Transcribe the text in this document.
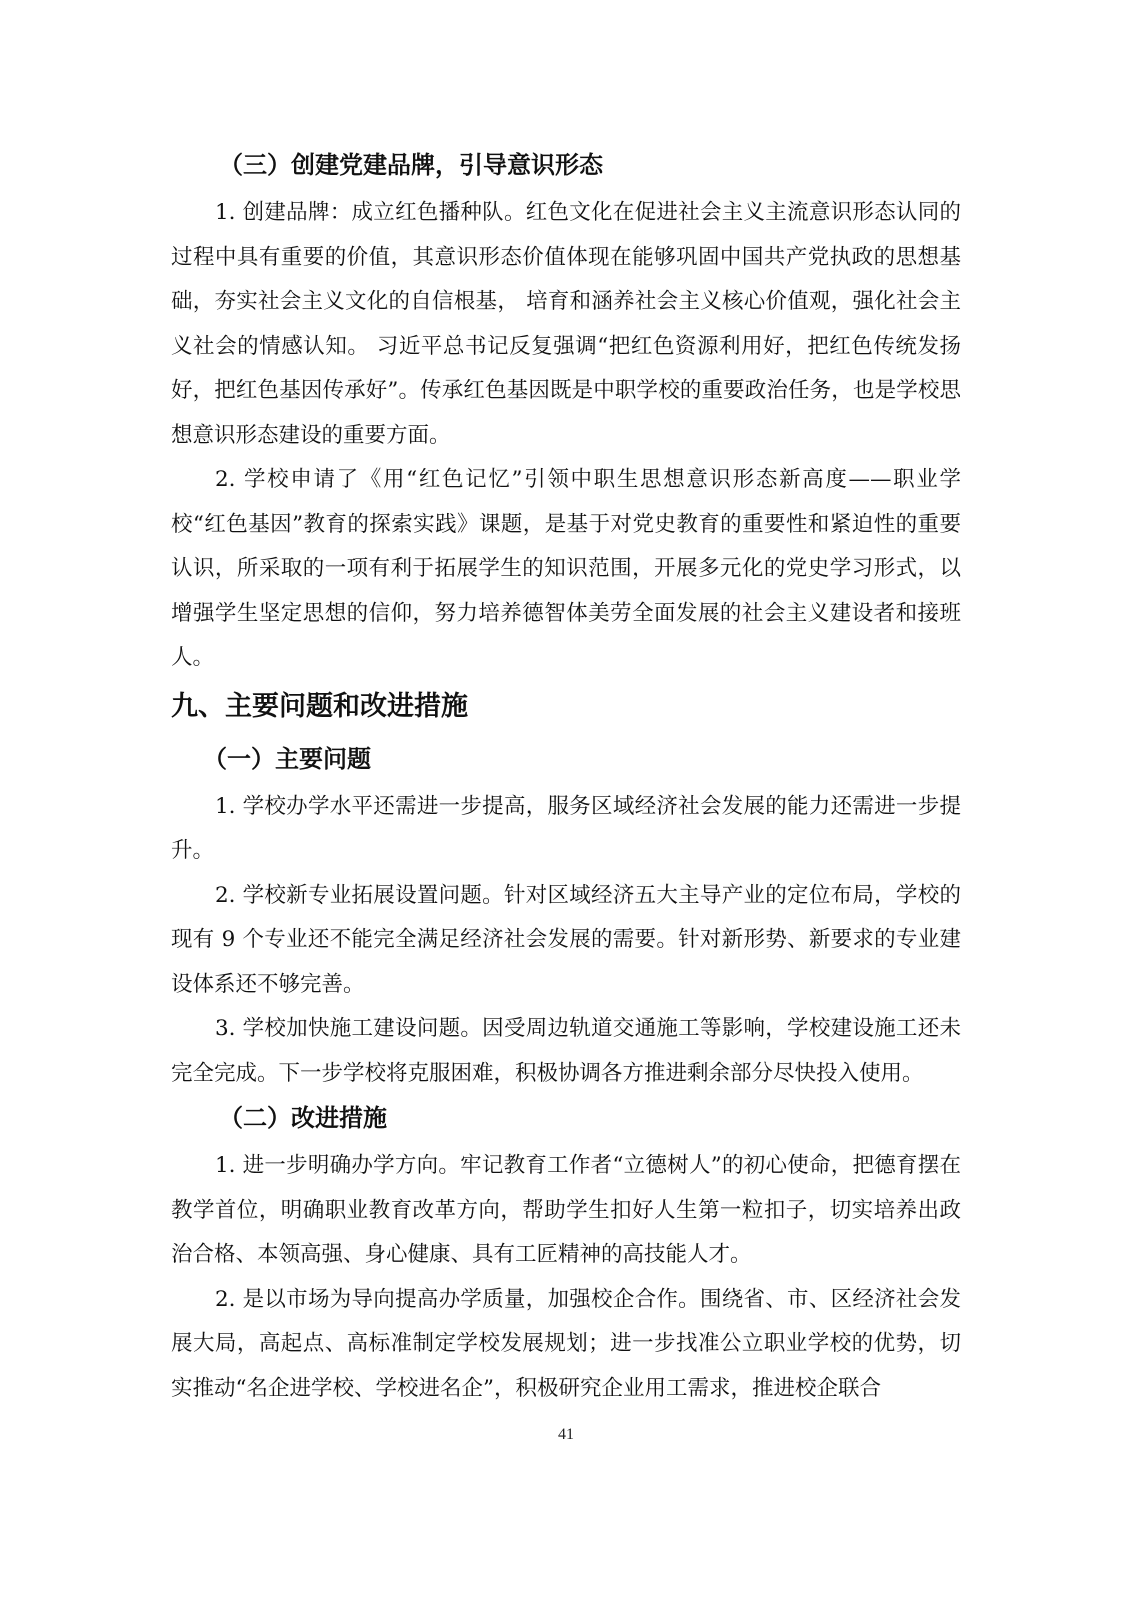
（三）创建党建品牌，引导意识形态

1. 创建品牌：成立红色播种队。红色文化在促进社会主义主流意识形态认同的过程中具有重要的价值，其意识形态价值体现在能够巩固中国共产党执政的思想基础，夯实社会主义文化的自信根基， 培育和涵养社会主义核心价值观，强化社会主义社会的情感认知。 习近平总书记反复强调“把红色资源利用好，把红色传统发扬好，把红色基因传承好”。传承红色基因既是中职学校的重要政治任务，也是学校思想意识形态建设的重要方面。

2. 学校申请了《用“红色记忆”引领中职生思想意识形态新高度——职业学校“红色基因”教育的探索实践》课题，是基于对党史教育的重要性和紧迫性的重要认识，所采取的一项有利于拓展学生的知识范围，开展多元化的党史学习形式，以增强学生坚定思想的信仰，努力培养德智体美劳全面发展的社会主义建设者和接班人。

九、主要问题和改进措施
（一）主要问题

1. 学校办学水平还需进一步提高，服务区域经济社会发展的能力还需进一步提升。

2. 学校新专业拓展设置问题。针对区域经济五大主导产业的定位布局，学校的现有 9 个专业还不能完全满足经济社会发展的需要。针对新形势、新要求的专业建设体系还不够完善。

3. 学校加快施工建设问题。因受周边轨道交通施工等影响，学校建设施工还未完全完成。下一步学校将克服困难，积极协调各方推进剩余部分尽快投入使用。

（二）改进措施

1. 进一步明确办学方向。牢记教育工作者“立德树人”的初心使命，把德育摆在教学首位，明确职业教育改革方向，帮助学生扣好人生第一粒扣子，切实培养出政治合格、本领高强、身心健康、具有工匠精神的高技能人才。

2. 是以市场为导向提高办学质量，加强校企合作。围绕省、市、区经济社会发展大局，高起点、高标准制定学校发展规划；进一步找准公立职业学校的优势，切实推动“名企进学校、学校进名企”，积极研究企业用工需求，推进校企联合

41
